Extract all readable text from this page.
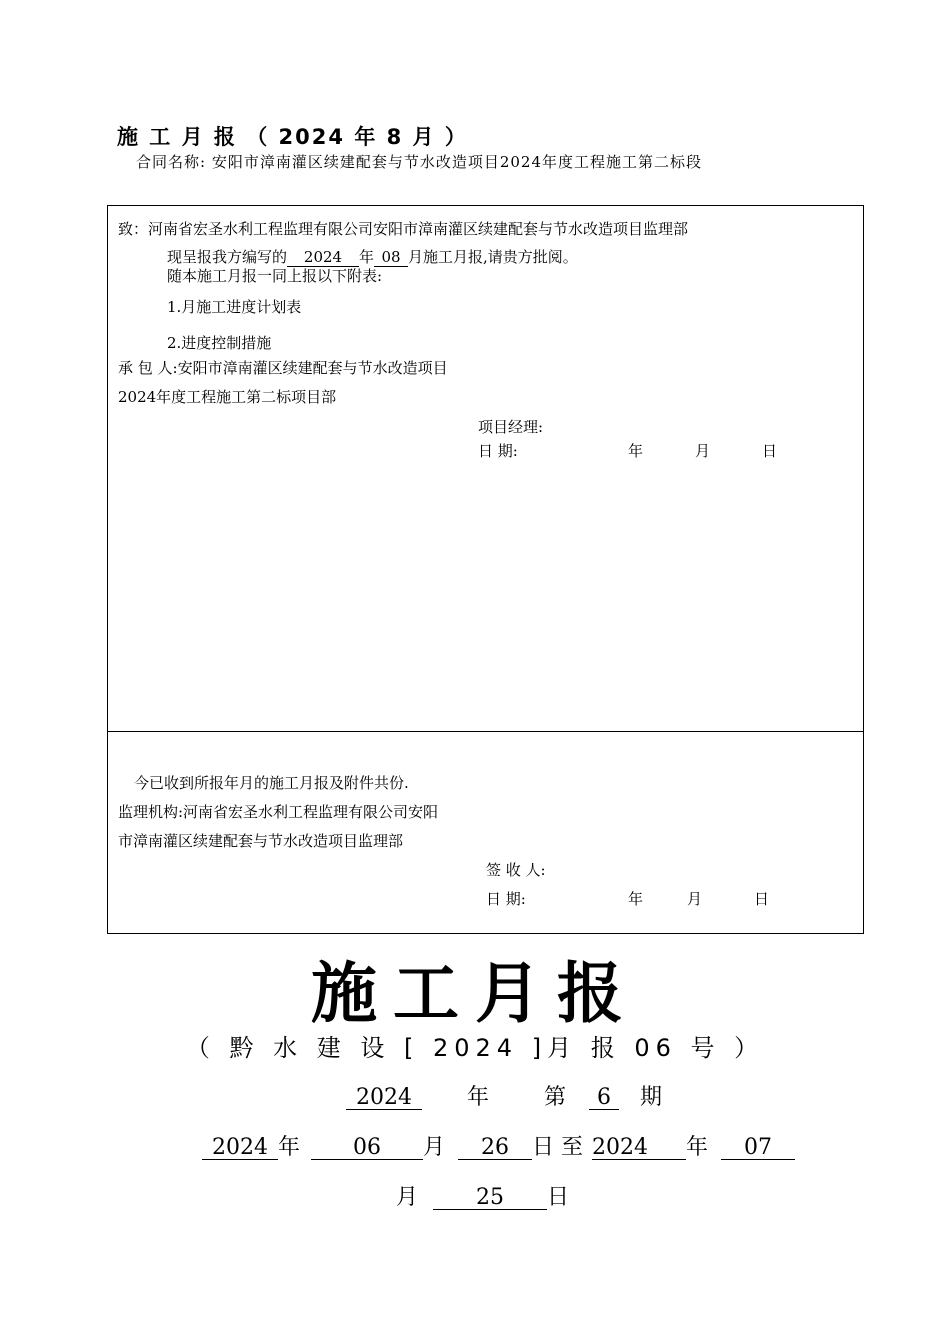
施 工 月 报 （ 2024 年 8 月 ）
合同名称: 安阳市漳南灌区续建配套与节水改造项目2024年度工程施工第二标段
致：河南省宏圣水利工程监理有限公司安阳市漳南灌区续建配套与节水改造项目监理部
现呈报我方编写的 2024 年 08 月施工月报,请贵方批阅。
随本施工月报一同上报以下附表:
1.月施工进度计划表
2.进度控制措施
承 包 人:安阳市漳南灌区续建配套与节水改造项目
2024年度工程施工第二标项目部
项目经理:
日 期:	年	月	日
今已收到所报年月的施工月报及附件共份.
监理机构:河南省宏圣水利工程监理有限公司安阳
市漳南灌区续建配套与节水改造项目监理部
签 收 人:
日 期:	年	月	日
施工月报
（ 黔 水 建 设 [ 2024 ]月 报 06 号 ）
2024	年	第 6 期
2024 年 06 月 26 日 至 2024 年 07
月	25 日
